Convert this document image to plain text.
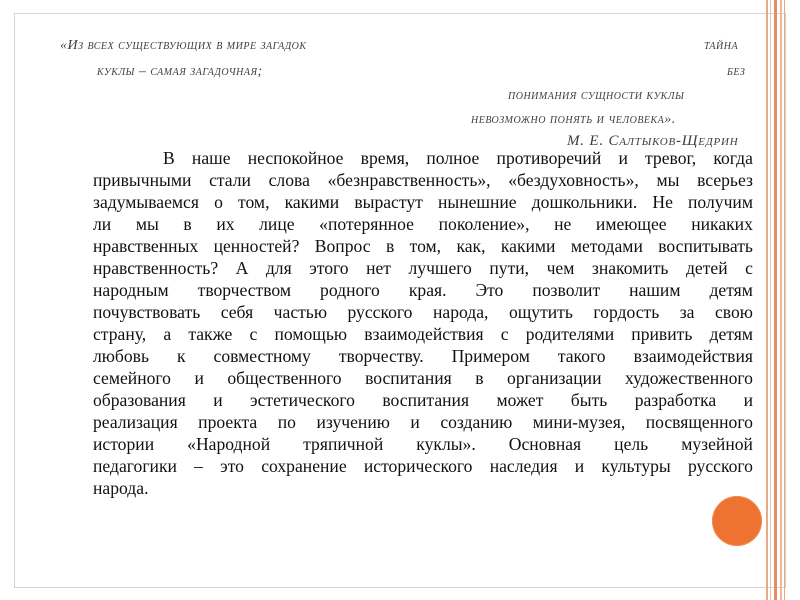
«Из всех существующих в мире загадок	тайна
куклы – самая загадочная;	без
понимания сущности куклы
невозможно понять и человека».
М. Е. Салтыков-Щедрин
В наше неспокойное время, полное противоречий и тревог, когда
привычными стали слова «безнравственность», «бездуховность», мы всерьез
задумываемся о том, какими вырастут нынешние дошкольники. Не получим
ли мы в их лице «потерянное поколение», не имеющее никаких
нравственных ценностей? Вопрос в том, как, какими методами воспитывать
нравственность? А для этого нет лучшего пути, чем знакомить детей с
народным творчеством родного края. Это позволит нашим детям
почувствовать себя частью русского народа, ощутить гордость за свою
страну, а также с помощью взаимодействия с родителями привить детям
любовь к совместному творчеству. Примером такого взаимодействия
семейного и общественного воспитания в организации художественного
образования и эстетического воспитания может быть разработка и
реализация проекта по изучению и созданию мини-музея, посвященного
истории «Народной тряпичной куклы». Основная цель музейной
педагогики – это сохранение исторического наследия и культуры русского
народа.
